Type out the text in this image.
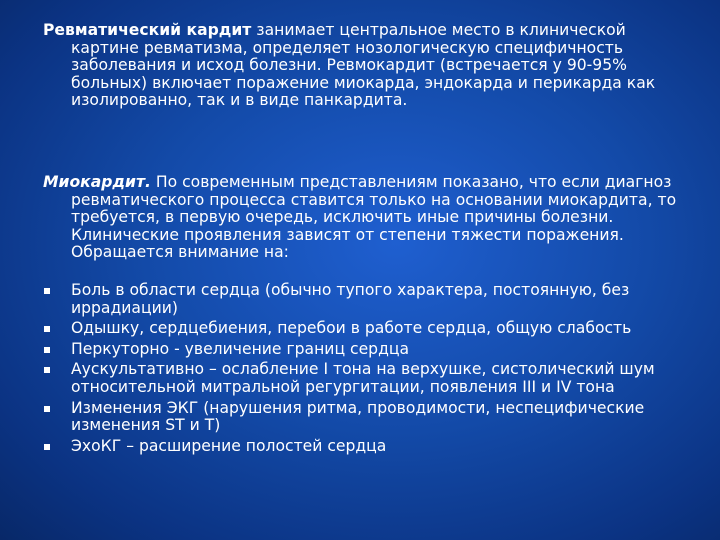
Ревматический кардит занимает центральное место в клинической картине ревматизма, определяет нозологическую специфичность заболевания и исход болезни. Ревмокардит (встречается у 90-95% больных) включает поражение миокарда, эндокарда и перикарда как изолированно, так и в виде панкардита.

Миокардит. По современным представлениям показано, что если диагноз ревматического процесса ставится только на основании миокардита, то требуется, в первую очередь, исключить иные причины болезни. Клинические проявления зависят от степени тяжести поражения. Обращается внимание на:

Боль в области сердца (обычно тупого характера, постоянную, без иррадиации)
Одышку, сердцебиения, перебои в работе сердца, общую слабость
Перкуторно - увеличение границ сердца
Аускультативно – ослабление I тона на верхушке, систолический шум относительной митральной регургитации, появления III и IV тона
Изменения ЭКГ (нарушения ритма, проводимости, неспецифические изменения ST и T)
ЭхоКГ – расширение полостей сердца
